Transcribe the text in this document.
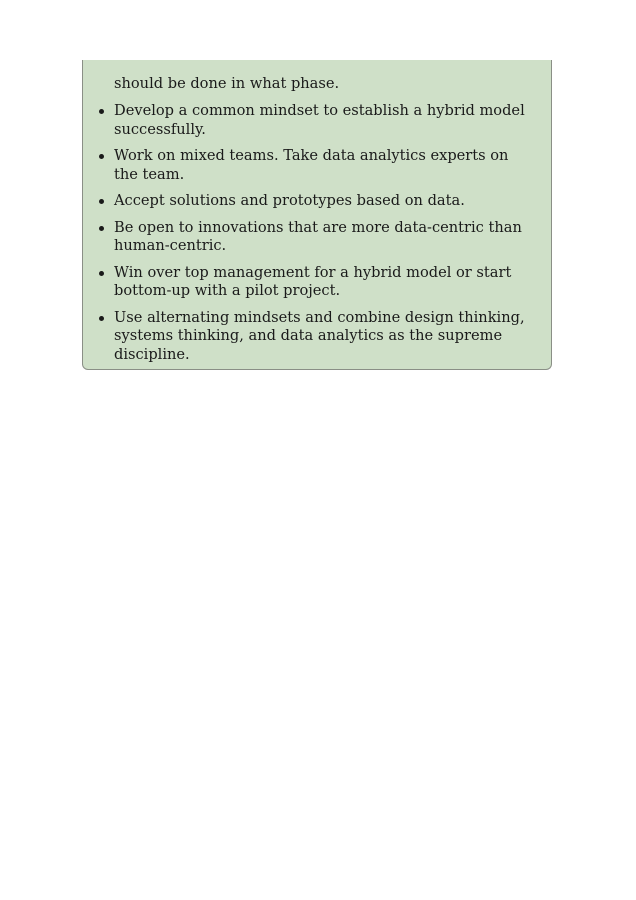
should be done in what phase.
Develop a common mindset to establish a hybrid model successfully.
Work on mixed teams. Take data analytics experts on the team.
Accept solutions and prototypes based on data.
Be open to innovations that are more data-centric than human-centric.
Win over top management for a hybrid model or start bottom-up with a pilot project.
Use alternating mindsets and combine design thinking, systems thinking, and data analytics as the supreme discipline.
